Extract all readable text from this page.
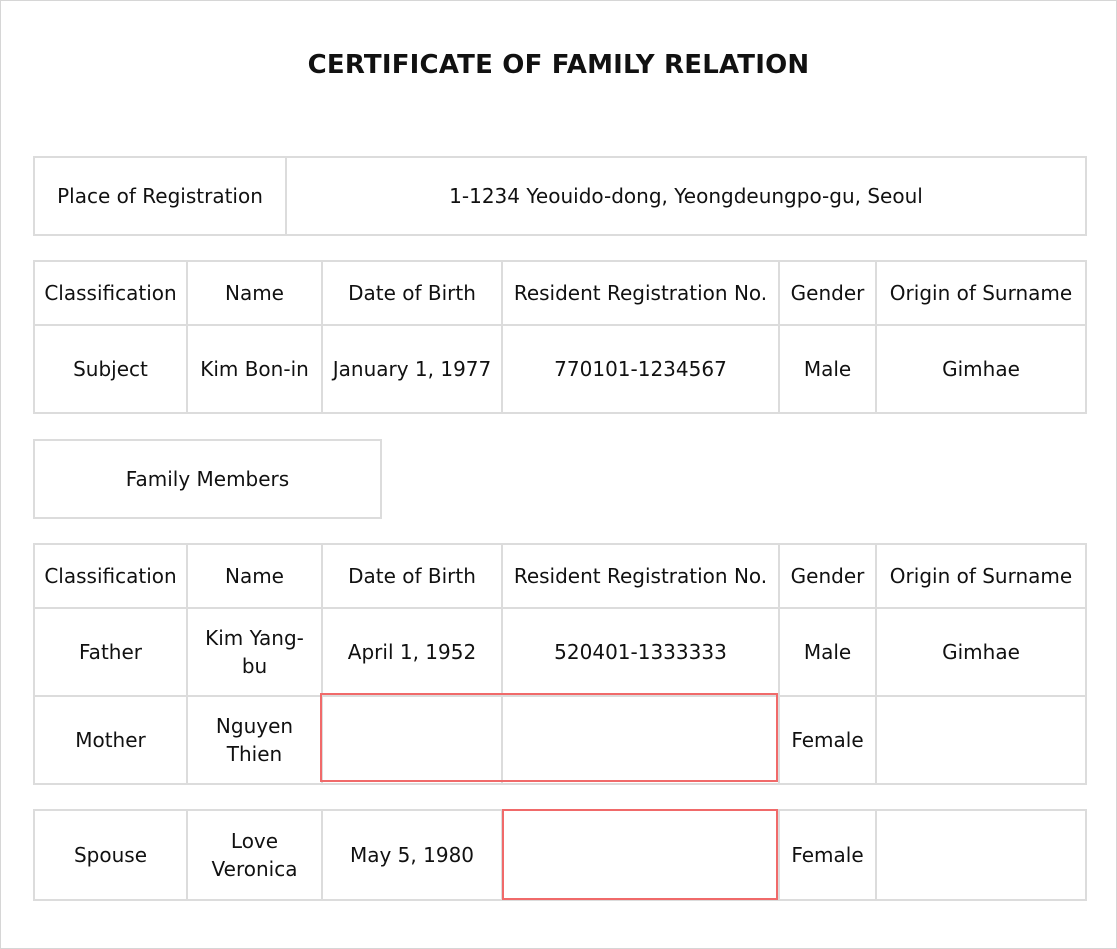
CERTIFICATE OF FAMILY RELATION
Place of Registration	1-1234 Yeouido-dong, Yeongdeungpo-gu, Seoul
Classification	Name	Date of Birth	Resident Registration No.	Gender	Origin of Surname
Subject	Kim Bon-in	January 1, 1977	770101-1234567	Male	Gimhae
Family Members
Classification	Name	Date of Birth	Resident Registration No.	Gender	Origin of Surname
Father	Kim Yang-bu	April 1, 1952	520401-1333333	Male	Gimhae
Mother	Nguyen Thien			Female	
Spouse	Love Veronica	May 5, 1980		Female	
